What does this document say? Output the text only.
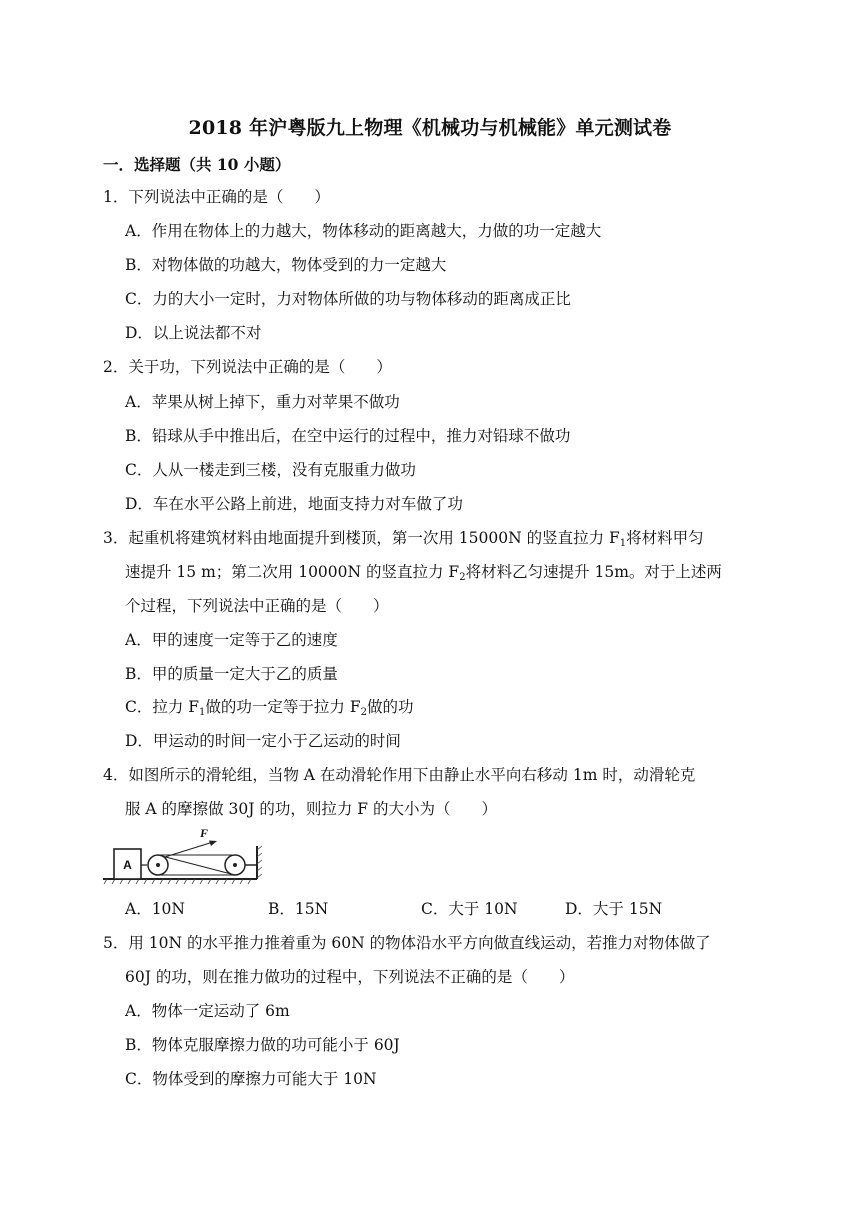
2018 年沪粤版九上物理《机械功与机械能》单元测试卷
一．选择题（共 10 小题）
1．下列说法中正确的是（　　）
A．作用在物体上的力越大，物体移动的距离越大，力做的功一定越大
B．对物体做的功越大，物体受到的力一定越大
C．力的大小一定时，力对物体所做的功与物体移动的距离成正比
D．以上说法都不对
2．关于功，下列说法中正确的是（　　）
A．苹果从树上掉下，重力对苹果不做功
B．铅球从手中推出后，在空中运行的过程中，推力对铅球不做功
C．人从一楼走到三楼，没有克服重力做功
D．车在水平公路上前进，地面支持力对车做了功
3．起重机将建筑材料由地面提升到楼顶，第一次用 15000N 的竖直拉力 $F_1$将材料甲匀
速提升 15 m；第二次用 10000N 的竖直拉力 $F_2$将材料乙匀速提升 15m。对于上述两
个过程，下列说法中正确的是（　　）
A．甲的速度一定等于乙的速度
B．甲的质量一定大于乙的质量
C．拉力 $F_1$做的功一定等于拉力 $F_2$做的功
D．甲运动的时间一定小于乙运动的时间
4．如图所示的滑轮组，当物 A 在动滑轮作用下由静止水平向右移动 1m 时，动滑轮克
服 A 的摩擦做 30J 的功，则拉力 F 的大小为（　　）
A
F
A．10N	B．15N	C．大于 10N	D．大于 15N
5．用 10N 的水平推力推着重为 60N 的物体沿水平方向做直线运动，若推力对物体做了
60J 的功，则在推力做功的过程中，下列说法不正确的是（　　）
A．物体一定运动了 6m
B．物体克服摩擦力做的功可能小于 60J
C．物体受到的摩擦力可能大于 10N
